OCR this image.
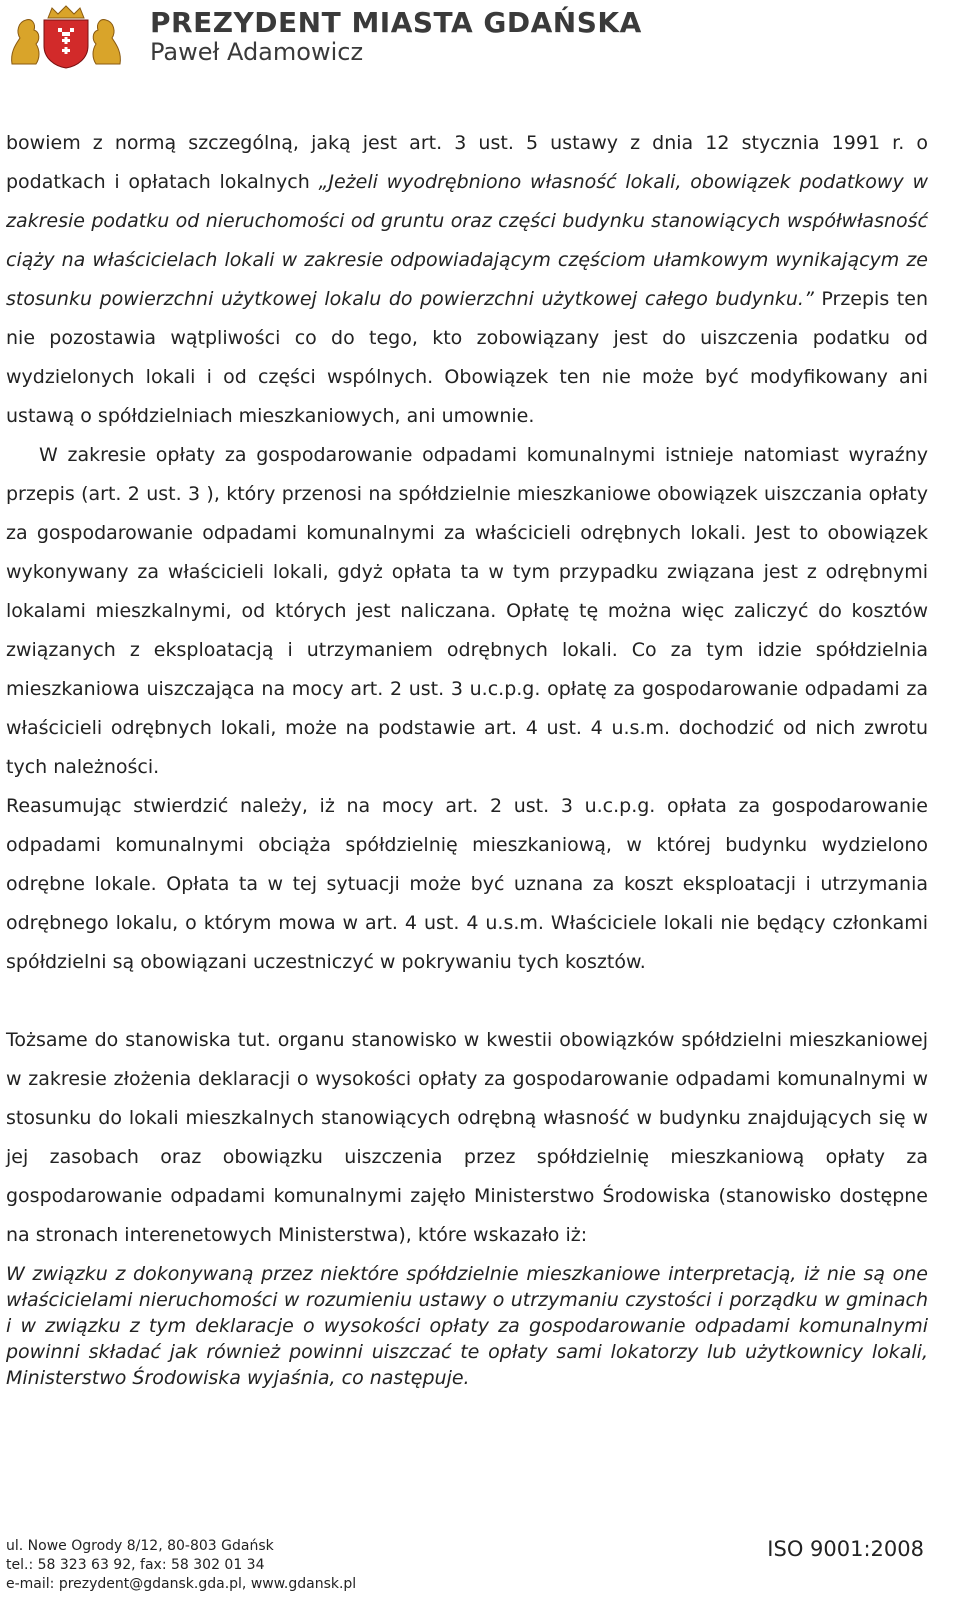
PREZYDENT MIASTA GDAŃSKA
Paweł Adamowicz

bowiem z normą szczególną, jaką jest art. 3 ust. 5 ustawy z dnia 12 stycznia 1991 r. o podatkach i opłatach lokalnych „Jeżeli wyodrębniono własność lokali, obowiązek podatkowy w zakresie podatku od nieruchomości od gruntu oraz części budynku stanowiących współwłasność ciąży na właścicielach lokali w zakresie odpowiadającym częściom ułamkowym wynikającym ze stosunku powierzchni użytkowej lokalu do powierzchni użytkowej całego budynku.” Przepis ten nie pozostawia wątpliwości co do tego, kto zobowiązany jest do uiszczenia podatku od wydzielonych lokali i od części wspólnych. Obowiązek ten nie może być modyfikowany ani ustawą o spółdzielniach mieszkaniowych, ani umownie.

W zakresie opłaty za gospodarowanie odpadami komunalnymi istnieje natomiast wyraźny przepis (art. 2 ust. 3 ), który przenosi na spółdzielnie mieszkaniowe obowiązek uiszczania opłaty za gospodarowanie odpadami komunalnymi za właścicieli odrębnych lokali. Jest to obowiązek wykonywany za właścicieli lokali, gdyż opłata ta w tym przypadku związana jest z odrębnymi lokalami mieszkalnymi, od których jest naliczana. Opłatę tę można więc zaliczyć do kosztów związanych z eksploatacją i utrzymaniem odrębnych lokali. Co za tym idzie spółdzielnia mieszkaniowa uiszczająca na mocy art. 2 ust. 3 u.c.p.g. opłatę za gospodarowanie odpadami za właścicieli odrębnych lokali, może na podstawie art. 4 ust. 4 u.s.m. dochodzić od nich zwrotu tych należności.

Reasumując stwierdzić należy, iż na mocy art. 2 ust. 3 u.c.p.g. opłata za gospodarowanie odpadami komunalnymi obciąża spółdzielnię mieszkaniową, w której budynku wydzielono odrębne lokale. Opłata ta w tej sytuacji może być uznana za koszt eksploatacji i utrzymania odrębnego lokalu, o którym mowa w art. 4 ust. 4 u.s.m. Właściciele lokali nie będący członkami spółdzielni są obowiązani uczestniczyć w pokrywaniu tych kosztów.

Tożsame do stanowiska tut. organu stanowisko w kwestii obowiązków spółdzielni mieszkaniowej w zakresie złożenia deklaracji o wysokości opłaty za gospodarowanie odpadami komunalnymi w stosunku do lokali mieszkalnych stanowiących odrębną własność w budynku znajdujących się w jej zasobach oraz obowiązku uiszczenia przez spółdzielnię mieszkaniową opłaty za gospodarowanie odpadami komunalnymi zajęło Ministerstwo Środowiska (stanowisko dostępne na stronach interenetowych Ministerstwa), które wskazało iż:

W związku z dokonywaną przez niektóre spółdzielnie mieszkaniowe interpretacją, iż nie są one właścicielami nieruchomości w rozumieniu ustawy o utrzymaniu czystości i porządku w gminach i w związku z tym deklaracje o wysokości opłaty za gospodarowanie odpadami komunalnymi powinni składać jak również powinni uiszczać te opłaty sami lokatorzy lub użytkownicy lokali, Ministerstwo Środowiska wyjaśnia, co następuje.

ul. Nowe Ogrody 8/12, 80-803 Gdańsk
tel.: 58 323 63 92, fax: 58 302 01 34
e-mail: prezydent@gdansk.gda.pl, www.gdansk.pl
ISO 9001:2008
